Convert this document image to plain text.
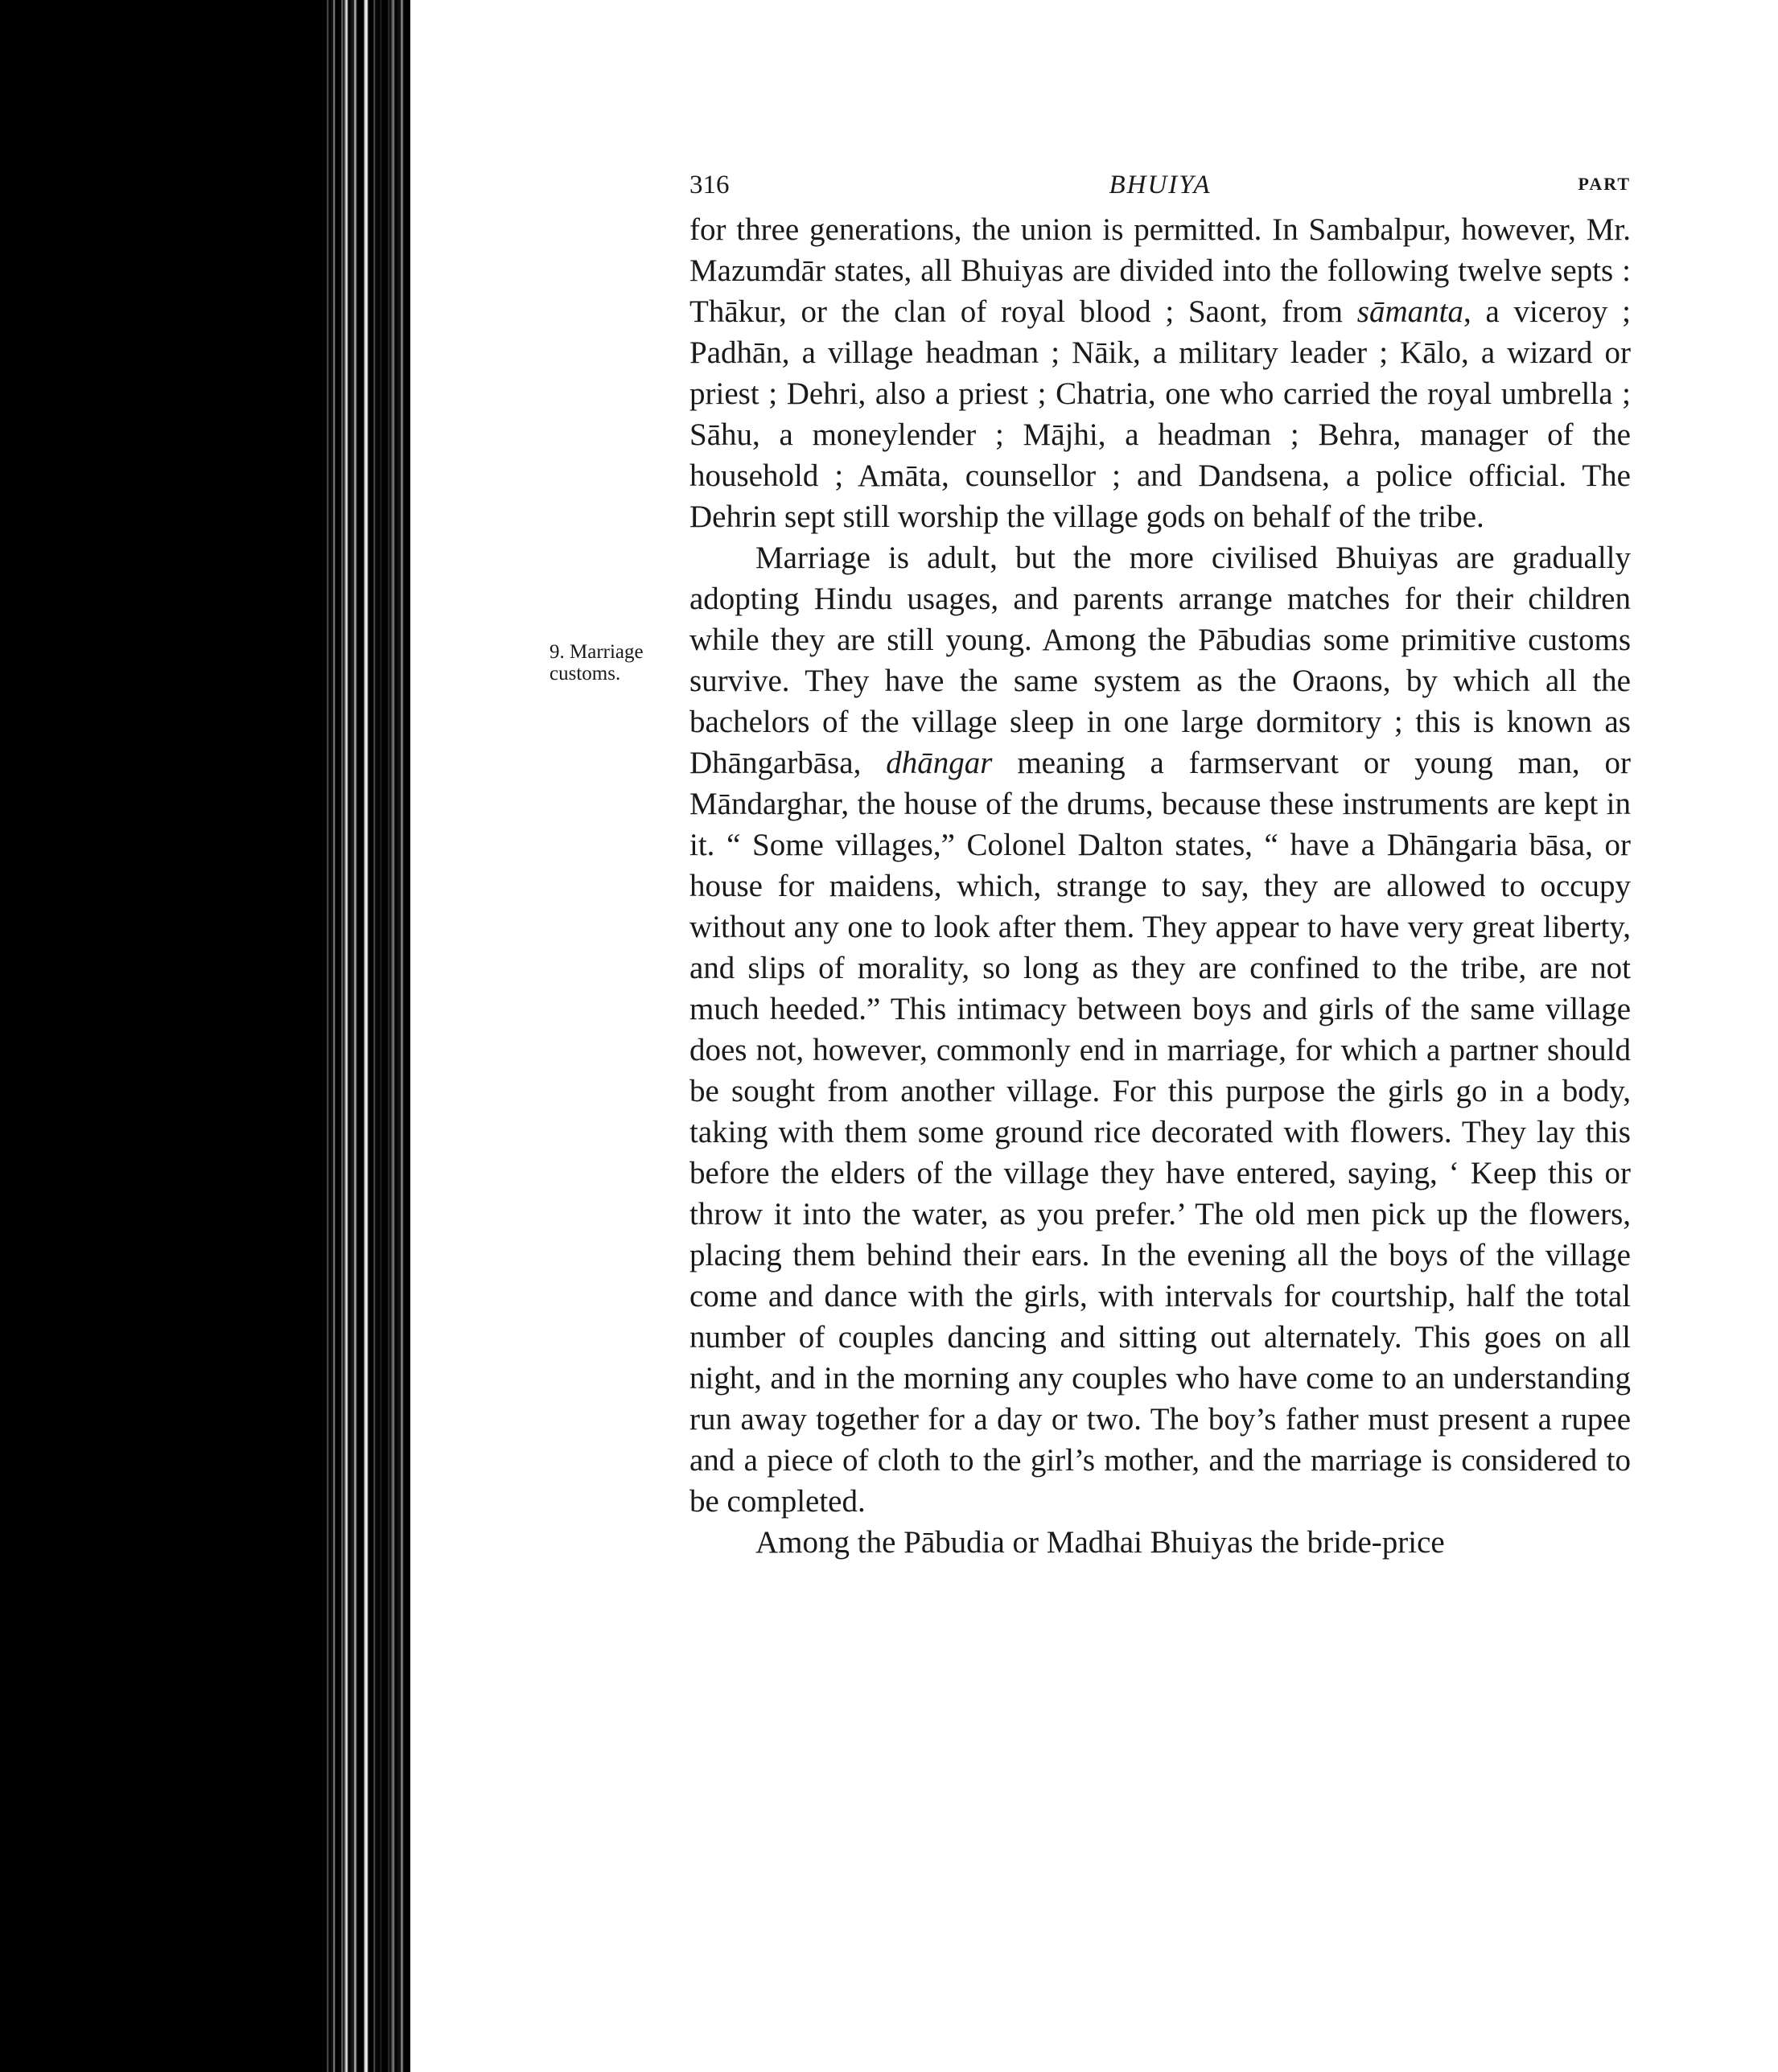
9. Marriage customs.
316	BHUIYA	PART

for three generations, the union is permitted. In Sambalpur, however, Mr. Mazumdār states, all Bhuiyas are divided into the following twelve septs : Thākur, or the clan of royal blood ; Saont, from sāmanta, a viceroy ; Padhān, a village headman ; Nāik, a military leader ; Kālo, a wizard or priest ; Dehri, also a priest ; Chatria, one who carried the royal umbrella ; Sāhu, a moneylender ; Mājhi, a headman ; Behra, manager of the household ; Amāta, counsellor ; and Dandsena, a police official. The Dehrin sept still worship the village gods on behalf of the tribe.

Marriage is adult, but the more civilised Bhuiyas are gradually adopting Hindu usages, and parents arrange matches for their children while they are still young. Among the Pābudias some primitive customs survive. They have the same system as the Oraons, by which all the bachelors of the village sleep in one large dormitory ; this is known as Dhāngarbāsa, dhāngar meaning a farmservant or young man, or Māndarghar, the house of the drums, because these instruments are kept in it. “ Some villages,” Colonel Dalton states, “ have a Dhāngaria bāsa, or house for maidens, which, strange to say, they are allowed to occupy without any one to look after them. They appear to have very great liberty, and slips of morality, so long as they are confined to the tribe, are not much heeded.” This intimacy between boys and girls of the same village does not, however, commonly end in marriage, for which a partner should be sought from another village. For this purpose the girls go in a body, taking with them some ground rice decorated with flowers. They lay this before the elders of the village they have entered, saying, ‘ Keep this or throw it into the water, as you prefer.’ The old men pick up the flowers, placing them behind their ears. In the evening all the boys of the village come and dance with the girls, with intervals for courtship, half the total number of couples dancing and sitting out alternately. This goes on all night, and in the morning any couples who have come to an understanding run away together for a day or two. The boy’s father must present a rupee and a piece of cloth to the girl’s mother, and the marriage is considered to be completed.

Among the Pābudia or Madhai Bhuiyas the bride-price
